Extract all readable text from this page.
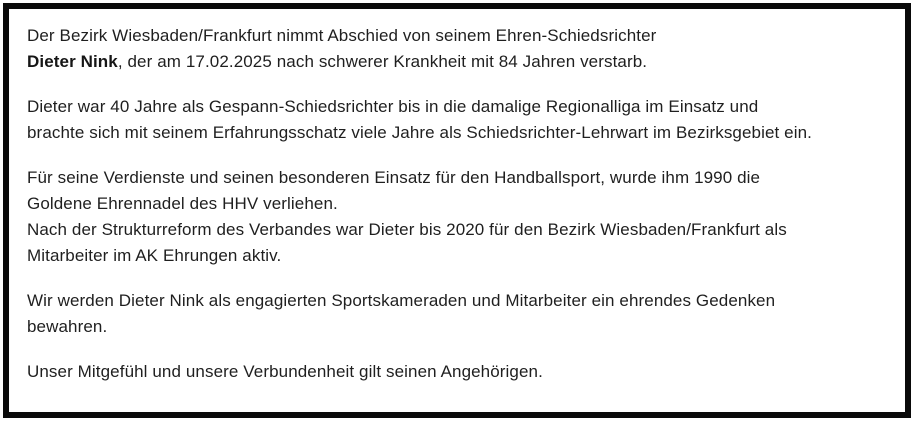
Der Bezirk Wiesbaden/Frankfurt nimmt Abschied von seinem Ehren-Schiedsrichter
Dieter Nink, der am 17.02.2025 nach schwerer Krankheit mit 84 Jahren verstarb.
Dieter war 40 Jahre als Gespann-Schiedsrichter bis in die damalige Regionalliga im Einsatz und
brachte sich mit seinem Erfahrungsschatz viele Jahre als Schiedsrichter-Lehrwart im Bezirksgebiet ein.
Für seine Verdienste und seinen besonderen Einsatz für den Handballsport, wurde ihm 1990 die
Goldene Ehrennadel des HHV verliehen.
Nach der Strukturreform des Verbandes war Dieter bis 2020 für den Bezirk Wiesbaden/Frankfurt als
Mitarbeiter im AK Ehrungen aktiv.
Wir werden Dieter Nink als engagierten Sportskameraden und Mitarbeiter ein ehrendes Gedenken
bewahren.
Unser Mitgefühl und unsere Verbundenheit gilt seinen Angehörigen.
